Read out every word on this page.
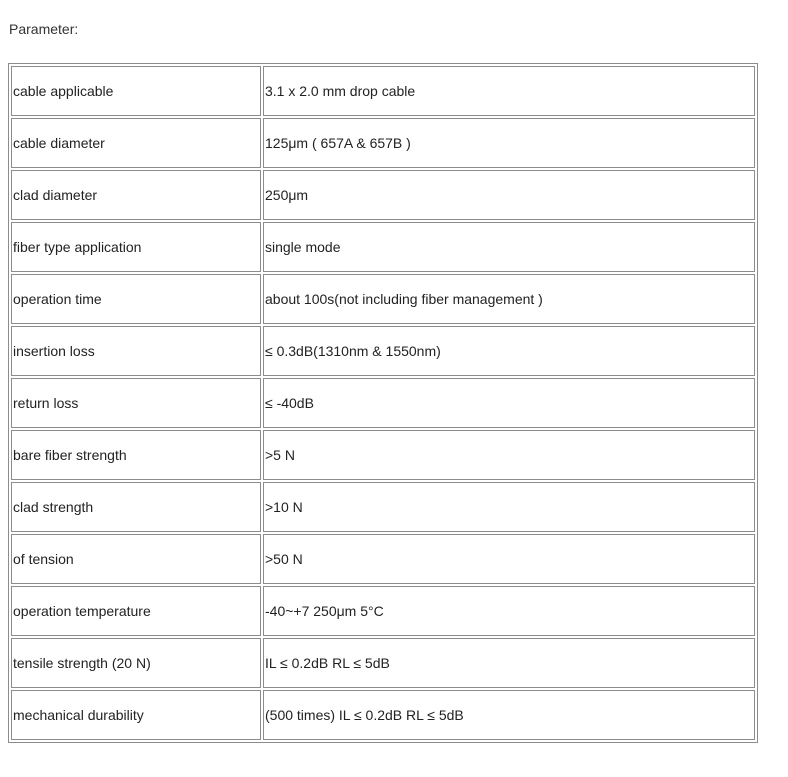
Parameter:
cable applicable	3.1 x 2.0 mm drop cable
cable diameter	125μm ( 657A & 657B )
clad diameter	250μm
fiber type application	single mode
operation time	about 100s(not including fiber management )
insertion loss	≤ 0.3dB(1310nm & 1550nm)
return loss	≤ -40dB
bare fiber strength	>5 N
clad strength	>10 N
of tension	>50 N
operation temperature	-40~+7 250μm 5°C
tensile strength (20 N)	IL ≤ 0.2dB RL ≤ 5dB
mechanical durability	(500 times) IL ≤ 0.2dB RL ≤ 5dB
